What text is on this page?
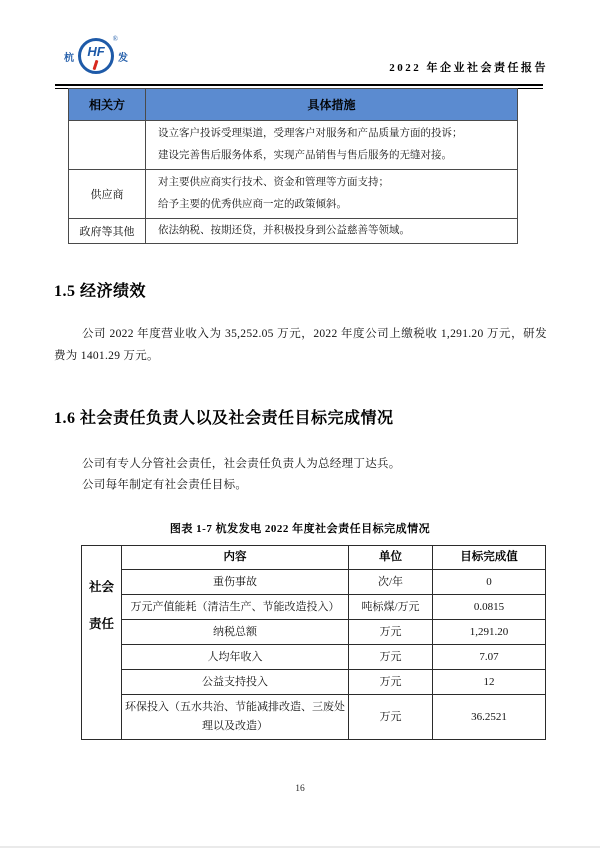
杭 HF
®
发
2022 年企业社会责任报告
相关方	具体措施

	设立客户投诉受理渠道，受理客户对服务和产品质量方面的投诉；
建设完善售后服务体系，实现产品销售与售后服务的无缝对接。

供应商	对主要供应商实行技术、资金和管理等方面支持；
给予主要的优秀供应商一定的政策倾斜。

政府等其他	依法纳税、按期还贷，并积极投身到公益慈善等领域。
1.5 经济绩效

公司 2022 年度营业收入为 35,252.05 万元，2022 年度公司上缴税收 1,291.20 万元，研发费为 1401.29 万元。

1.6 社会责任负责人以及社会责任目标完成情况

公司有专人分管社会责任，社会责任负责人为总经理丁达兵。

公司每年制定有社会责任目标。

图表 1-7 杭发发电 2022 年度社会责任目标完成情况
社会
责任	内容	单位	目标完成值
	重伤事故	次/年	0
	万元产值能耗（清洁生产、节能改造投入）	吨标煤/万元	0.0815
	纳税总额	万元	1,291.20
	人均年收入	万元	7.07
	公益支持投入	万元	12
	环保投入（五水共治、节能减排改造、三废处理以及改造）	万元	36.2521
16
